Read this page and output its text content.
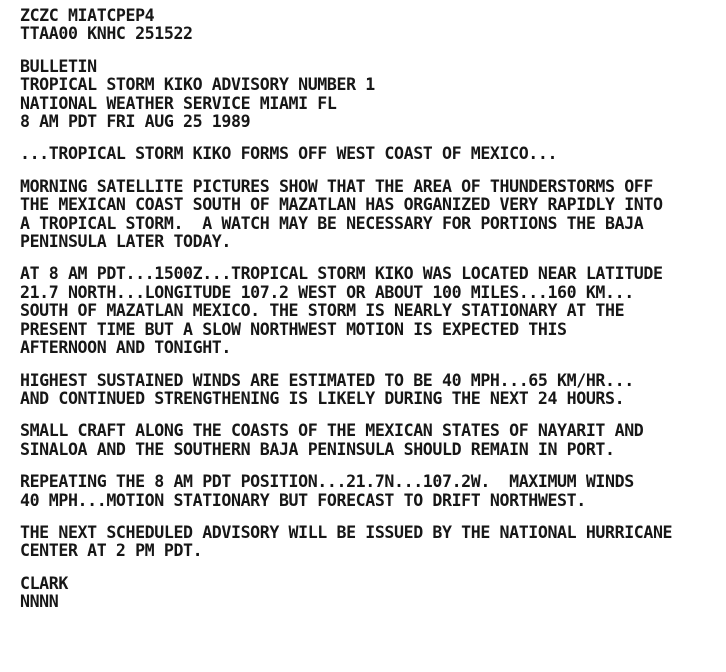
ZCZC MIATCPEP4
TTAA00 KNHC 251522
BULLETIN
TROPICAL STORM KIKO ADVISORY NUMBER 1
NATIONAL WEATHER SERVICE MIAMI FL
8 AM PDT FRI AUG 25 1989
...TROPICAL STORM KIKO FORMS OFF WEST COAST OF MEXICO...
MORNING SATELLITE PICTURES SHOW THAT THE AREA OF THUNDERSTORMS OFF
THE MEXICAN COAST SOUTH OF MAZATLAN HAS ORGANIZED VERY RAPIDLY INTO
A TROPICAL STORM.  A WATCH MAY BE NECESSARY FOR PORTIONS THE BAJA
PENINSULA LATER TODAY.
AT 8 AM PDT...1500Z...TROPICAL STORM KIKO WAS LOCATED NEAR LATITUDE
21.7 NORTH...LONGITUDE 107.2 WEST OR ABOUT 100 MILES...160 KM...
SOUTH OF MAZATLAN MEXICO. THE STORM IS NEARLY STATIONARY AT THE
PRESENT TIME BUT A SLOW NORTHWEST MOTION IS EXPECTED THIS
AFTERNOON AND TONIGHT.
HIGHEST SUSTAINED WINDS ARE ESTIMATED TO BE 40 MPH...65 KM/HR...
AND CONTINUED STRENGTHENING IS LIKELY DURING THE NEXT 24 HOURS.
SMALL CRAFT ALONG THE COASTS OF THE MEXICAN STATES OF NAYARIT AND
SINALOA AND THE SOUTHERN BAJA PENINSULA SHOULD REMAIN IN PORT.
REPEATING THE 8 AM PDT POSITION...21.7N...107.2W.  MAXIMUM WINDS
40 MPH...MOTION STATIONARY BUT FORECAST TO DRIFT NORTHWEST.
THE NEXT SCHEDULED ADVISORY WILL BE ISSUED BY THE NATIONAL HURRICANE
CENTER AT 2 PM PDT.
CLARK
NNNN
